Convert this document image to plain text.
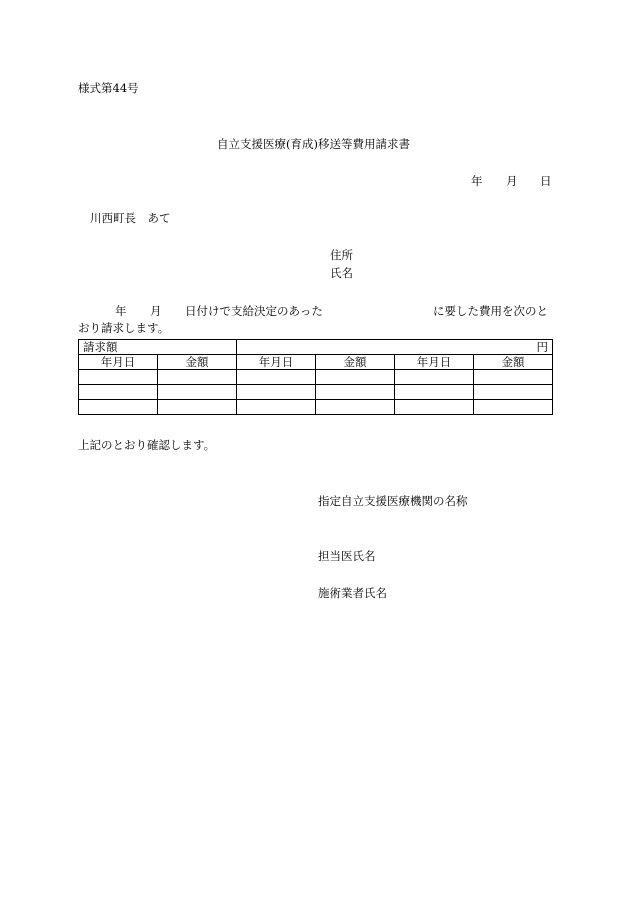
様式第44号
自立支援医療(育成)移送等費用請求書
年 月 日
川西町長　あて
住所
氏名
年 月 日付けで支給決定のあった	に要した費用を次のと
おり請求します。
請求額		円			
年月日	金額	年月日	金額	年月日	金額

上記のとおり確認します。
指定自立支援医療機関の名称
担当医氏名
施術業者氏名
